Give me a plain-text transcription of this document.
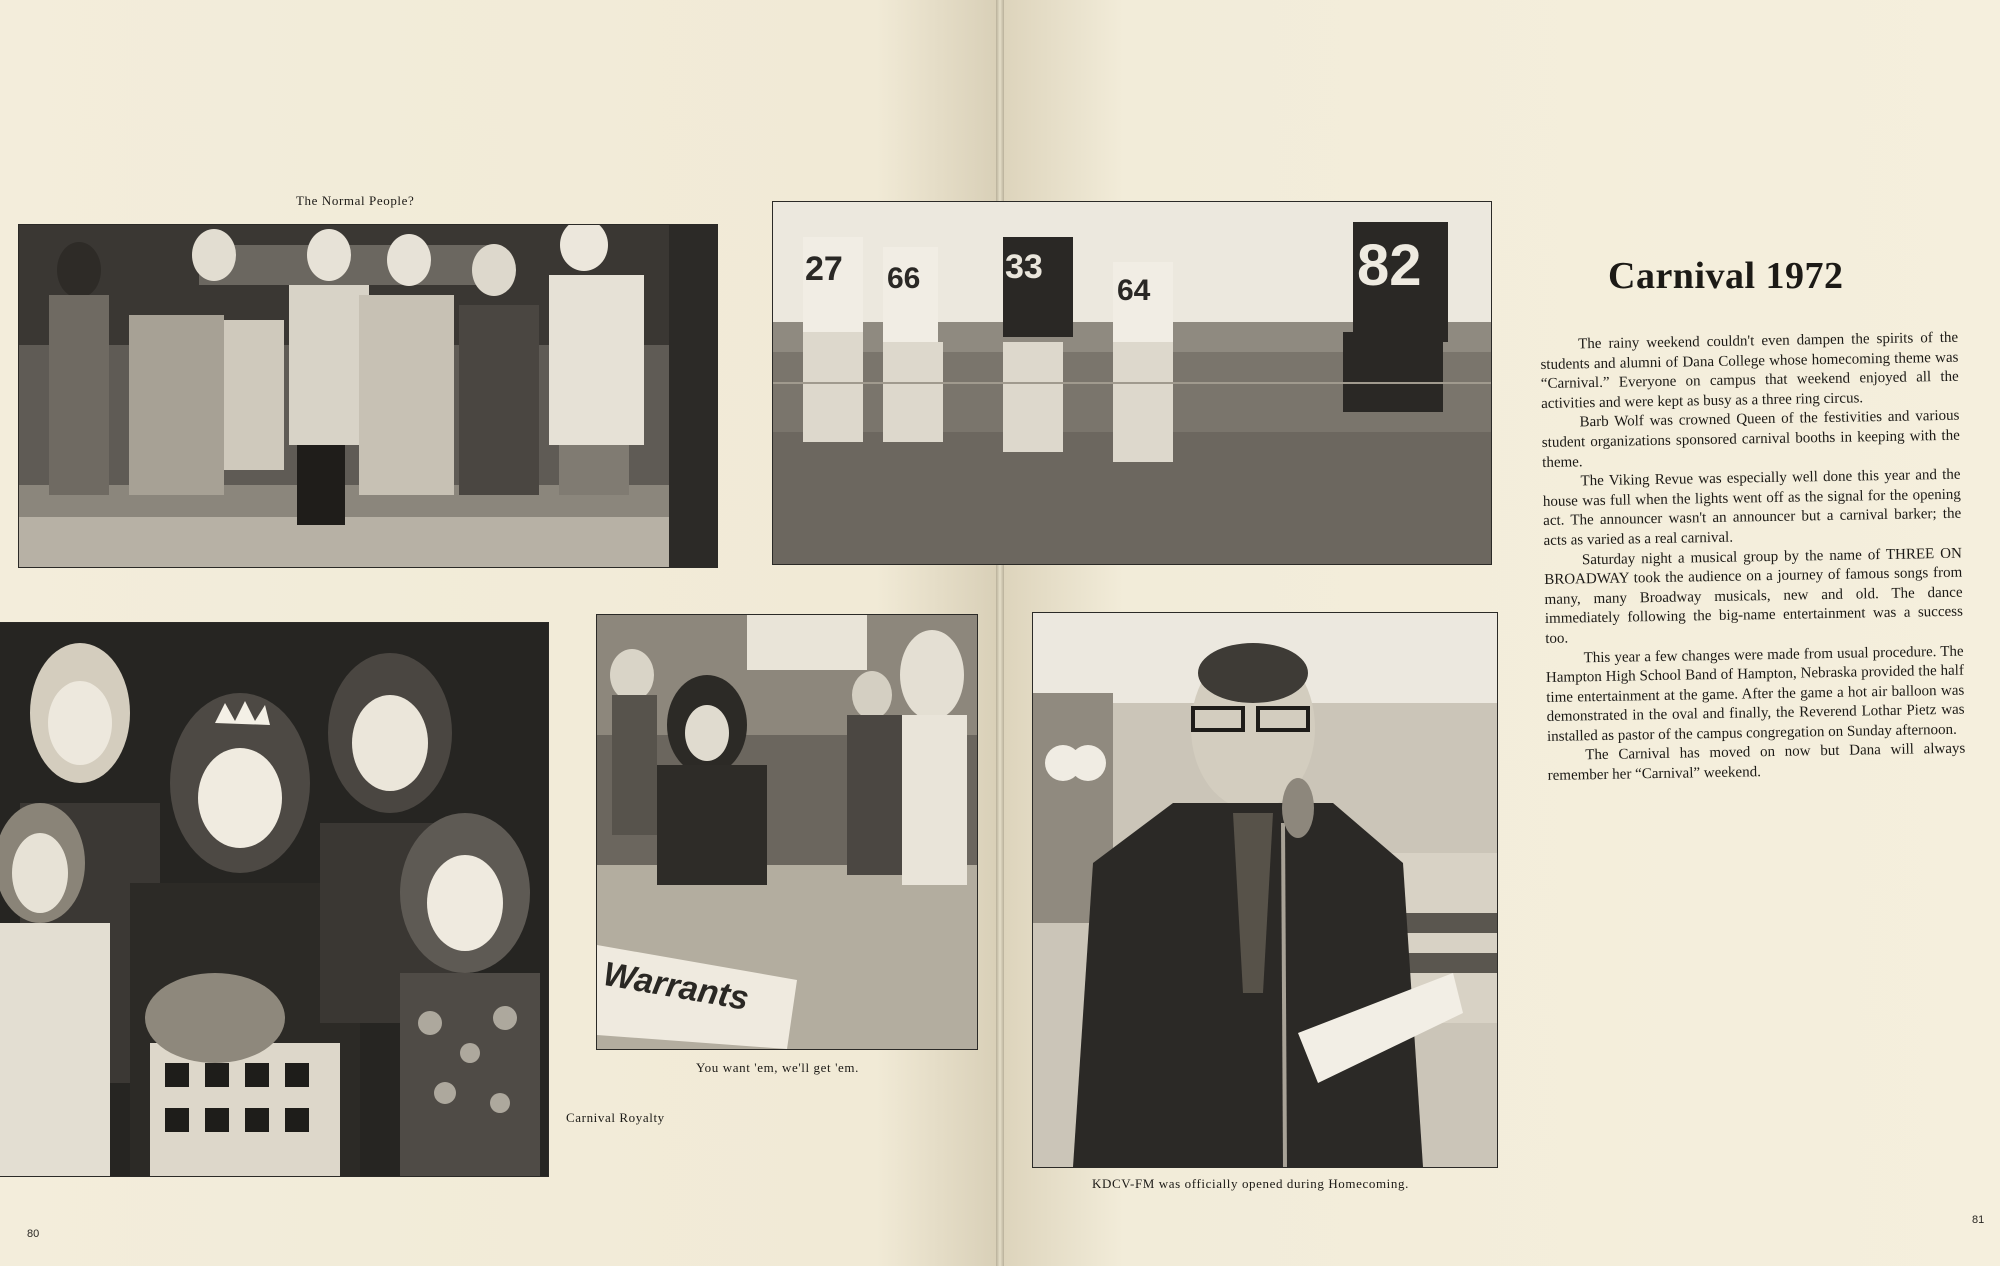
The Normal People?
Carnival Royalty
Warrants
You want 'em, we'll get 'em.
80
27 66 33
64	82
KDCV-FM was officially opened during Homecoming.
Carnival 1972

The rainy weekend couldn't even dampen the spirits of the students and alumni of Dana College whose homecoming theme was “Carnival.” Everyone on campus that weekend enjoyed all the activities and were kept as busy as a three ring circus.

Barb Wolf was crowned Queen of the festivities and various student organizations sponsored carnival booths in keeping with the theme.

The Viking Revue was especially well done this year and the house was full when the lights went off as the signal for the opening act. The announcer wasn't an announcer but a carnival barker; the acts as varied as a real carnival.

Saturday night a musical group by the name of THREE ON BROADWAY took the audience on a journey of famous songs from many, many Broadway musicals, new and old. The dance immediately following the big-name entertainment was a success too.

This year a few changes were made from usual procedure. The Hampton High School Band of Hampton, Nebraska provided the half time entertainment at the game. After the game a hot air balloon was demonstrated in the oval and finally, the Reverend Lothar Pietz was installed as pastor of the campus congregation on Sunday afternoon.

The Carnival has moved on now but Dana will always remember her “Carnival” weekend.

81
